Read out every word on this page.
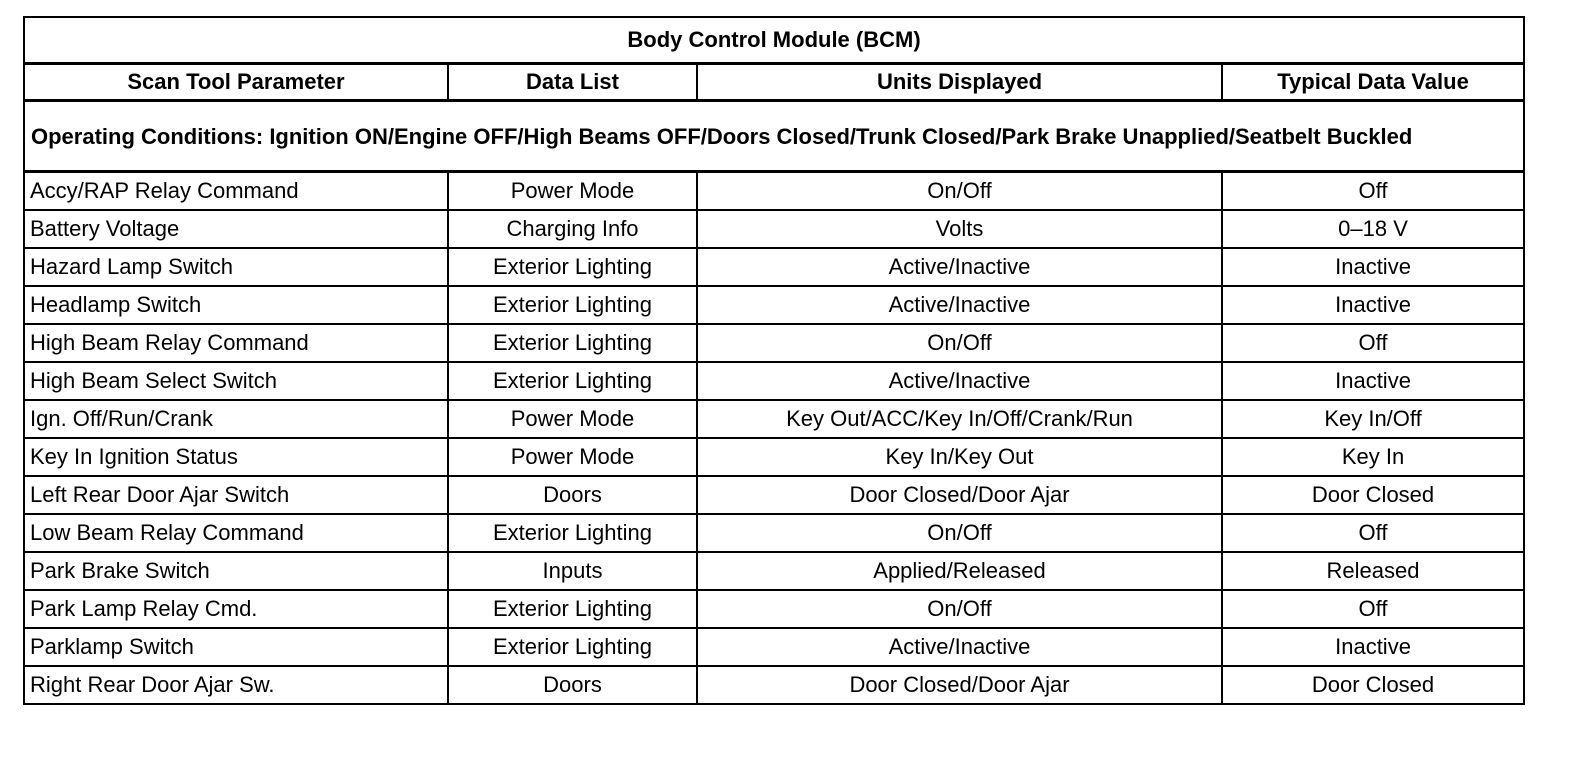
Body Control Module (BCM)			
Scan Tool Parameter	Data List	Units Displayed	Typical Data Value
Operating Conditions: Ignition ON/Engine OFF/High Beams OFF/Doors Closed/Trunk Closed/Park Brake Unapplied/Seatbelt Buckled			
Accy/RAP Relay Command	Power Mode	On/Off	Off
Battery Voltage	Charging Info	Volts	0–18 V
Hazard Lamp Switch	Exterior Lighting	Active/Inactive	Inactive
Headlamp Switch	Exterior Lighting	Active/Inactive	Inactive
High Beam Relay Command	Exterior Lighting	On/Off	Off
High Beam Select Switch	Exterior Lighting	Active/Inactive	Inactive
Ign. Off/Run/Crank	Power Mode	Key Out/ACC/Key In/Off/Crank/Run	Key In/Off
Key In Ignition Status	Power Mode	Key In/Key Out	Key In
Left Rear Door Ajar Switch	Doors	Door Closed/Door Ajar	Door Closed
Low Beam Relay Command	Exterior Lighting	On/Off	Off
Park Brake Switch	Inputs	Applied/Released	Released
Park Lamp Relay Cmd.	Exterior Lighting	On/Off	Off
Parklamp Switch	Exterior Lighting	Active/Inactive	Inactive
Right Rear Door Ajar Sw.	Doors	Door Closed/Door Ajar	Door Closed
